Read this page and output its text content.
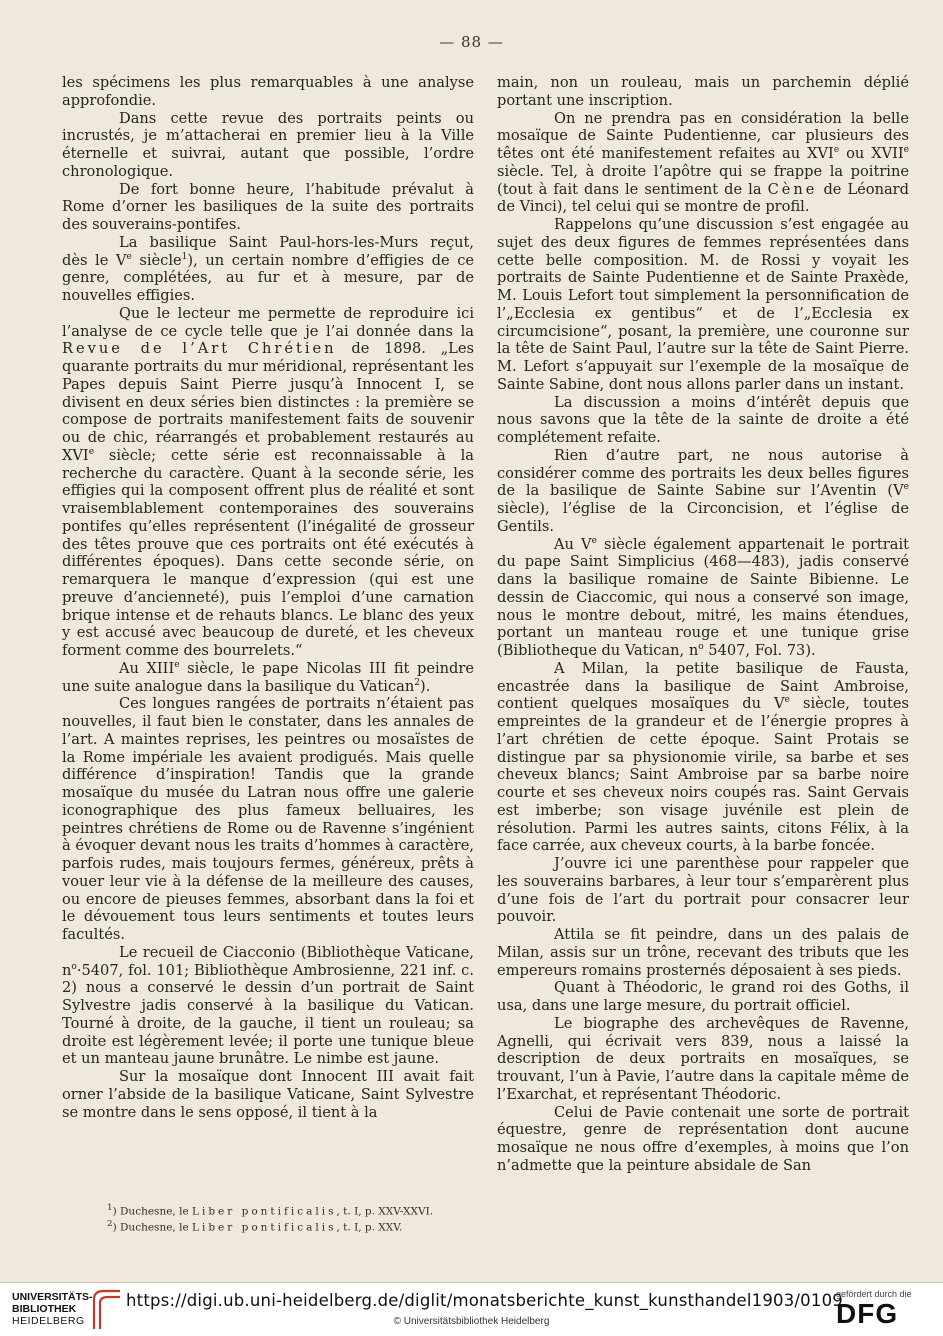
— 88 —

les spécimens les plus remarquables à une analyse approfondie.

Dans cette revue des portraits peints ou incrustés, je m’attacherai en premier lieu à la Ville éternelle et suivrai, autant que possible, l’ordre chronologique.

De fort bonne heure, l’habitude prévalut à Rome d’orner les basiliques de la suite des portraits des souverains-pontifes.

La basilique Saint Paul-hors-les-Murs reçut, dès le Ve siècle$^1$), un certain nombre d’effigies de ce genre, complétées, au fur et à mesure, par de nouvelles effigies.

Que le lecteur me permette de reproduire ici l’analyse de ce cycle telle que je l’ai donnée dans la Revue de l’Art Chrétien de 1898. „Les quarante portraits du mur méridional, représentant les Papes depuis Saint Pierre jusqu’à Innocent I, se divisent en deux séries bien distinctes : la première se compose de portraits manifestement faits de souvenir ou de chic, réarrangés et probablement restaurés au XVIe siècle; cette série est reconnaissable à la recherche du caractère. Quant à la seconde série, les effigies qui la composent offrent plus de réalité et sont vraisemblablement contemporaines des souverains pontifes qu’elles représentent (l’inégalité de grosseur des têtes prouve que ces portraits ont été exécutés à différentes époques). Dans cette seconde série, on remarquera le manque d’expression (qui est une preuve d’ancienneté), puis l’emploi d’une carnation brique intense et de rehauts blancs. Le blanc des yeux y est accusé avec beaucoup de dureté, et les cheveux forment comme des bourrelets.“

Au XIIIe siècle, le pape Nicolas III fit peindre une suite analogue dans la basilique du Vatican$^2$).

Ces longues rangées de portraits n’étaient pas nouvelles, il faut bien le constater, dans les annales de l’art. A maintes reprises, les peintres ou mosaïstes de la Rome impériale les avaient prodigués. Mais quelle différence d’inspiration! Tandis que la grande mosaïque du musée du Latran nous offre une galerie iconographique des plus fameux belluaires, les peintres chrétiens de Rome ou de Ravenne s’ingénient à évoquer devant nous les traits d’hommes à caractère, parfois rudes, mais toujours fermes, généreux, prêts à vouer leur vie à la défense de la meilleure des causes, ou encore de pieuses femmes, absorbant dans la foi et le dévouement tous leurs sentiments et toutes leurs facultés.

Le recueil de Ciacconio (Bibliothèque Vaticane, $n^o\cdot 5407$, fol. 101; Bibliothèque Ambrosienne, 221 inf. c. 2) nous a conservé le dessin d’un portrait de Saint Sylvestre jadis conservé à la basilique du Vatican. Tourné à droite, de la gauche, il tient un rouleau; sa droite est légèrement levée; il porte une tunique bleue et un manteau jaune brunâtre. Le nimbe est jaune.

Sur la mosaïque dont Innocent III avait fait orner l’abside de la basilique Vaticane, Saint Sylvestre se montre dans le sens opposé, il tient à la

main, non un rouleau, mais un parchemin déplié portant une inscription.

On ne prendra pas en considération la belle mosaïque de Sainte Pudentienne, car plusieurs des têtes ont été manifestement refaites au XVIe ou XVIIe siècle. Tel, à droite l’apôtre qui se frappe la poitrine (tout à fait dans le sentiment de la Cène de Léonard de Vinci), tel celui qui se montre de profil.

Rappelons qu’une discussion s’est engagée au sujet des deux figures de femmes représentées dans cette belle composition. M. de Rossi y voyait les portraits de Sainte Pudentienne et de Sainte Praxède, M. Louis Lefort tout simplement la personnification de l’„Ecclesia ex gentibus“ et de l’„Ecclesia ex circumcisione“, posant, la première, une couronne sur la tête de Saint Paul, l’autre sur la tête de Saint Pierre. M. Lefort s’appuyait sur l’exemple de la mosaïque de Sainte Sabine, dont nous allons parler dans un instant.

La discussion a moins d’intérêt depuis que nous savons que la tête de la sainte de droite a été complétement refaite.

Rien d’autre part, ne nous autorise à considérer comme des portraits les deux belles figures de la basilique de Sainte Sabine sur l’Aventin (Ve siècle), l’église de la Circoncision, et l’église de Gentils.

Au Ve siècle également appartenait le portrait du pape Saint Simplicius (468—483), jadis conservé dans la basilique romaine de Sainte Bibienne. Le dessin de Ciaccomic, qui nous a conservé son image, nous le montre debout, mitré, les mains étendues, portant un manteau rouge et une tunique grise (Bibliotheque du Vatican, $n^o$ 5407, Fol. 73).

A Milan, la petite basilique de Fausta, encastrée dans la basilique de Saint Ambroise, contient quelques mosaïques du Ve siècle, toutes empreintes de la grandeur et de l’énergie propres à l’art chrétien de cette époque. Saint Protais se distingue par sa physionomie virile, sa barbe et ses cheveux blancs; Saint Ambroise par sa barbe noire courte et ses cheveux noirs coupés ras. Saint Gervais est imberbe; son visage juvénile est plein de résolution. Parmi les autres saints, citons Félix, à la face carrée, aux cheveux courts, à la barbe foncée.

J’ouvre ici une parenthèse pour rappeler que les souverains barbares, à leur tour s’emparèrent plus d’une fois de l’art du portrait pour consacrer leur pouvoir.

Attila se fit peindre, dans un des palais de Milan, assis sur un trône, recevant des tributs que les empereurs romains prosternés déposaient à ses pieds.

Quant à Théodoric, le grand roi des Goths, il usa, dans une large mesure, du portrait officiel.

Le biographe des archevêques de Ravenne, Agnelli, qui écrivait vers 839, nous a laissé la description de deux portraits en mosaïques, se trouvant, l’un à Pavie, l’autre dans la capitale même de l’Exarchat, et représentant Théodoric.

Celui de Pavie contenait une sorte de portrait équestre, genre de représentation dont aucune mosaïque ne nous offre d’exemples, à moins que l’on n’admette que la peinture absidale de San

$^1$) Duchesne, le Liber pontificalis, t. I, p. XXV-XXVI.
$^2$) Duchesne, le Liber pontificalis, t. I, p. XXV.
UNIVERSITÄTS-
BIBLIOTHEK
HEIDELBERG
https://digi.ub.uni-heidelberg.de/diglit/monatsberichte_kunst_kunsthandel1903/0109
© Universitätsbibliothek Heidelberg
gefördert durch die
DFG
